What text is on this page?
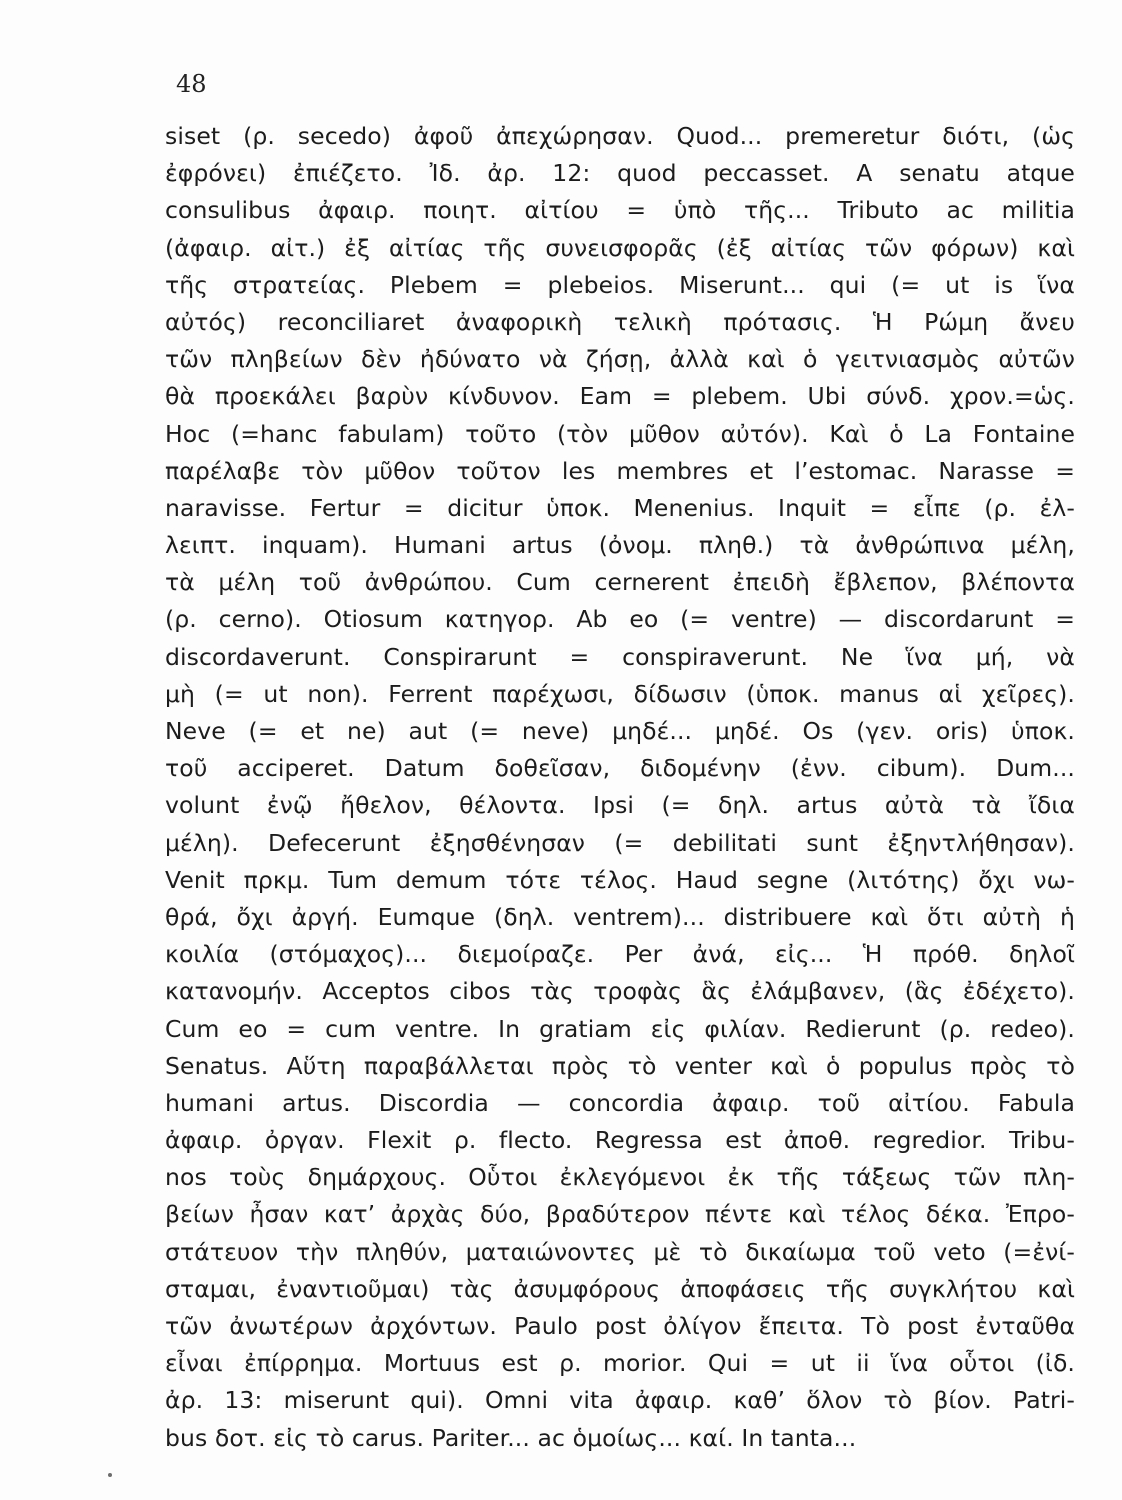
48
siset (ρ. secedo) ἀφοῦ ἀπεχώρησαν. Quod... premeretur διότι, (ὡς
ἐφρόνει) ἐπιέζετο. Ἰδ. ἀρ. 12: quod peccasset. A senatu atque
consulibus ἀφαιρ. ποιητ. αἰτίου = ὑπὸ τῆς... Tributo ac militia
(ἀφαιρ. αἰτ.) ἐξ αἰτίας τῆς συνεισφορᾶς (ἐξ αἰτίας τῶν φόρων) καὶ
τῆς στρατείας. Plebem = plebeios. Miserunt... qui (= ut is ἵνα
αὐτός) reconciliaret ἀναφορικὴ τελικὴ πρότασις. Ἡ Ρώμη ἄνευ
τῶν πληβείων δὲν ἠδύνατο νὰ ζήσῃ, ἀλλὰ καὶ ὁ γειτνιασμὸς αὐτῶν
θὰ προεκάλει βαρὺν κίνδυνον. Eam = plebem. Ubi σύνδ. χρον.=ὡς.
Hoc (=hanc fabulam) τοῦτο (τὸν μῦθον αὐτόν). Καὶ ὁ La Fontaine
παρέλαβε τὸν μῦθον τοῦτον les membres et l’estomac. Narasse =
naravisse. Fertur = dicitur ὑποκ. Menenius. Inquit = εἶπε (ρ. ἐλ-
λειπτ. inquam). Humani artus (ὀνομ. πληθ.) τὰ ἀνθρώπινα μέλη,
τὰ μέλη τοῦ ἀνθρώπου. Cum cernerent ἐπειδὴ ἔβλεπον, βλέποντα
(ρ. cerno). Otiosum κατηγορ. Ab eo (= ventre) — discordarunt =
discordaverunt. Conspirarunt = conspiraverunt. Ne ἵνα μή, νὰ
μὴ (= ut non). Ferrent παρέχωσι, δίδωσιν (ὑποκ. manus αἱ χεῖρες).
Neve (= et ne) aut (= neve) μηδέ... μηδέ. Os (γεν. oris) ὑποκ.
τοῦ acciperet. Datum δοθεῖσαν, διδομένην (ἐνν. cibum). Dum...
volunt ἐνῷ ἤθελον, θέλοντα. Ipsi (= δηλ. artus αὐτὰ τὰ ἴδια
μέλη). Defecerunt ἐξησθένησαν (= debilitati sunt ἐξηντλήθησαν).
Venit πρκμ. Tum demum τότε τέλος. Haud segne (λιτότης) ὄχι νω-
θρά, ὄχι ἀργή. Eumque (δηλ. ventrem)... distribuere καὶ ὅτι αὐτὴ ἡ
κοιλία (στόμαχος)... διεμοίραζε. Per ἀνά, εἰς... Ἡ πρόθ. δηλοῖ
κατανομήν. Acceptos cibos τὰς τροφὰς ἃς ἐλάμβανεν, (ἃς ἐδέχετο).
Cum eo = cum ventre. In gratiam εἰς φιλίαν. Redierunt (ρ. redeo).
Senatus. Αὕτη παραβάλλεται πρὸς τὸ venter καὶ ὁ populus πρὸς τὸ
humani artus. Discordia — concordia ἀφαιρ. τοῦ αἰτίου. Fabula
ἀφαιρ. ὀργαν. Flexit ρ. flecto. Regressa est ἀποθ. regredior. Tribu-
nos τοὺς δημάρχους. Οὗτοι ἐκλεγόμενοι ἐκ τῆς τάξεως τῶν πλη-
βείων ἦσαν κατ’ ἀρχὰς δύο, βραδύτερον πέντε καὶ τέλος δέκα. Ἐπρο-
στάτευον τὴν πληθύν, ματαιώνοντες μὲ τὸ δικαίωμα τοῦ veto (=ἐνί-
σταμαι, ἐναντιοῦμαι) τὰς ἀσυμφόρους ἀποφάσεις τῆς συγκλήτου καὶ
τῶν ἀνωτέρων ἀρχόντων. Paulo post ὀλίγον ἔπειτα. Τὸ post ἐνταῦθα
εἶναι ἐπίρρημα. Mortuus est ρ. morior. Qui = ut ii ἵνα οὗτοι (ἰδ.
ἀρ. 13: miserunt qui). Omni vita ἀφαιρ. καθ’ ὅλον τὸ βίον. Patri-
bus δοτ. εἰς τὸ carus. Pariter... ac ὁμοίως... καί. In tanta...
